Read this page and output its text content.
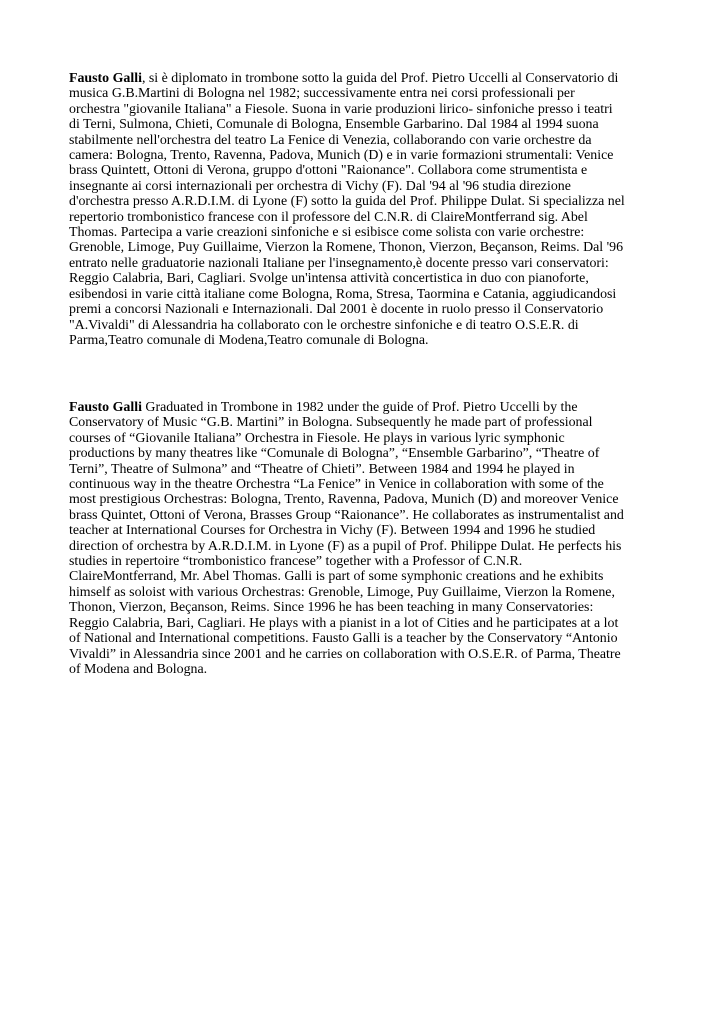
Fausto Galli, si è diplomato in trombone sotto la guida del Prof. Pietro Uccelli al Conservatorio di
musica G.B.Martini di Bologna nel 1982; successivamente entra nei corsi professionali per
orchestra "giovanile Italiana" a Fiesole. Suona in varie produzioni lirico- sinfoniche presso i teatri
di Terni, Sulmona, Chieti, Comunale di Bologna, Ensemble Garbarino. Dal 1984 al 1994 suona
stabilmente nell'orchestra del teatro La Fenice di Venezia, collaborando con varie orchestre da
camera: Bologna, Trento, Ravenna, Padova, Munich (D) e in varie formazioni strumentali: Venice
brass Quintett, Ottoni di Verona, gruppo d'ottoni "Raionance". Collabora come strumentista e
insegnante ai corsi internazionali per orchestra di Vichy (F). Dal '94 al '96 studia direzione
d'orchestra presso A.R.D.I.M. di Lyone (F) sotto la guida del Prof. Philippe Dulat. Si specializza nel
repertorio trombonistico francese con il professore del C.N.R. di ClaireMontferrand sig. Abel
Thomas. Partecipa a varie creazioni sinfoniche e si esibisce come solista con varie orchestre:
Grenoble, Limoge, Puy Guillaime, Vierzon la Romene, Thonon, Vierzon, Beçanson, Reims. Dal '96
entrato nelle graduatorie nazionali Italiane per l'insegnamento,è docente presso vari conservatori:
Reggio Calabria, Bari, Cagliari. Svolge un'intensa attività concertistica in duo con pianoforte,
esibendosi in varie città italiane come Bologna, Roma, Stresa, Taormina e Catania, aggiudicandosi
premi a concorsi Nazionali e Internazionali. Dal 2001 è docente in ruolo presso il Conservatorio
"A.Vivaldi" di Alessandria ha collaborato con le orchestre sinfoniche e di teatro O.S.E.R. di
Parma,Teatro comunale di Modena,Teatro comunale di Bologna.

Fausto Galli Graduated in Trombone in 1982 under the guide of Prof. Pietro Uccelli by the
Conservatory of Music “G.B. Martini” in Bologna. Subsequently he made part of professional
courses of “Giovanile Italiana” Orchestra in Fiesole. He plays in various lyric symphonic
productions by many theatres like “Comunale di Bologna”, “Ensemble Garbarino”, “Theatre of
Terni”, Theatre of Sulmona” and “Theatre of Chieti”. Between 1984 and 1994 he played in
continuous way in the theatre Orchestra “La Fenice” in Venice in collaboration with some of the
most prestigious Orchestras: Bologna, Trento, Ravenna, Padova, Munich (D) and moreover Venice
brass Quintet, Ottoni of Verona, Brasses Group “Raionance”. He collaborates as instrumentalist and
teacher at International Courses for Orchestra in Vichy (F). Between 1994 and 1996 he studied
direction of orchestra by A.R.D.I.M. in Lyone (F) as a pupil of Prof. Philippe Dulat. He perfects his
studies in repertoire “trombonistico francese” together with a Professor of C.N.R.
ClaireMontferrand, Mr. Abel Thomas. Galli is part of some symphonic creations and he exhibits
himself as soloist with various Orchestras: Grenoble, Limoge, Puy Guillaime, Vierzon la Romene,
Thonon, Vierzon, Beçanson, Reims. Since 1996 he has been teaching in many Conservatories:
Reggio Calabria, Bari, Cagliari. He plays with a pianist in a lot of Cities and he participates at a lot
of National and International competitions. Fausto Galli is a teacher by the Conservatory “Antonio
Vivaldi” in Alessandria since 2001 and he carries on collaboration with O.S.E.R. of Parma, Theatre
of Modena and Bologna.
